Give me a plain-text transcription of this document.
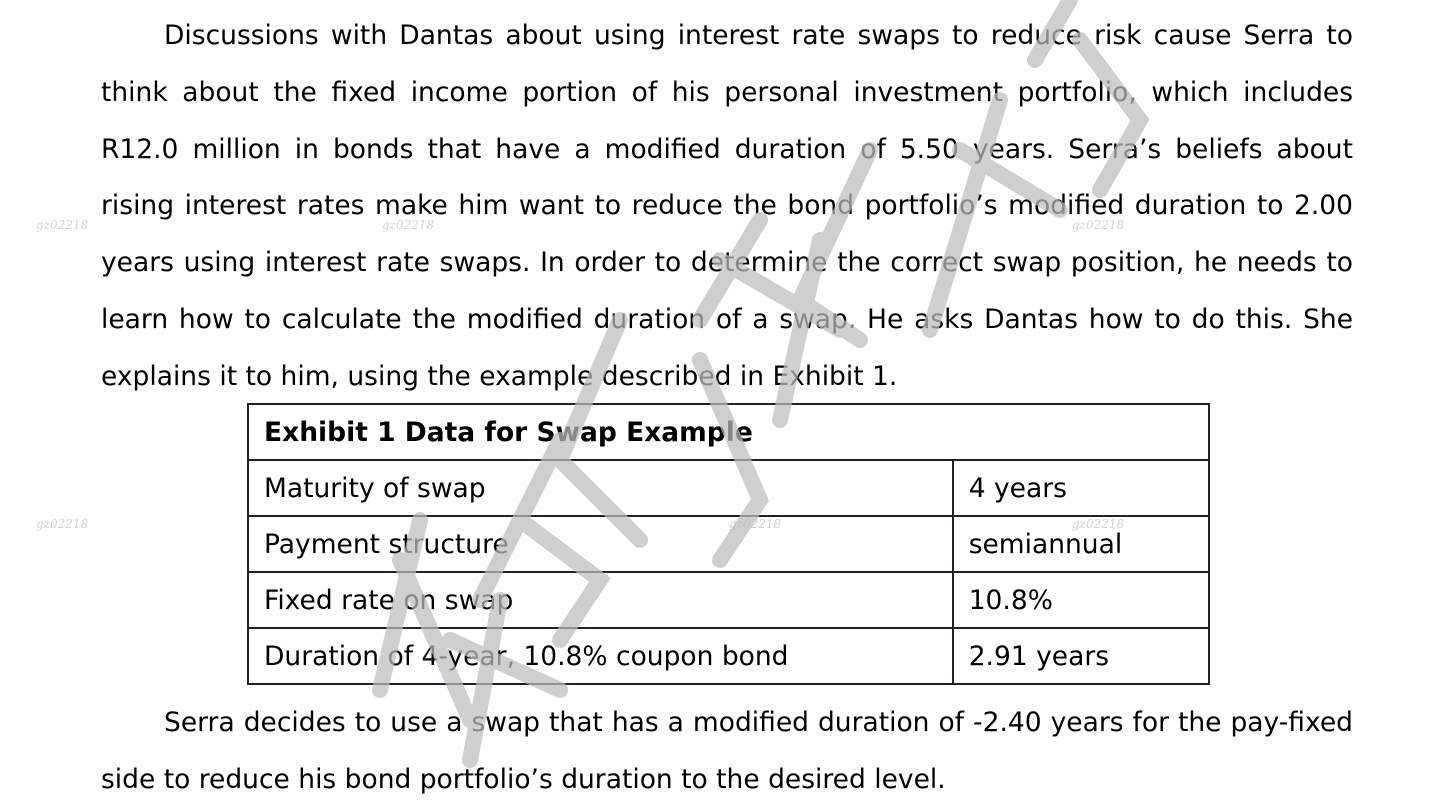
Discussions with Dantas about using interest rate swaps to reduce risk cause Serra to think about the fixed income portion of his personal investment portfolio, which includes R12.0 million in bonds that have a modified duration of 5.50 years. Serra’s beliefs about rising interest rates make him want to reduce the bond portfolio’s modified duration to 2.00 years using interest rate swaps. In order to determine the correct swap position, he needs to learn how to calculate the modified duration of a swap. He asks Dantas how to do this. She explains it to him, using the example described in Exhibit 1.

Exhibit 1 Data for Swap Example	
Maturity of swap	4 years
Payment structure	semiannual
Fixed rate on swap	10.8%
Duration of 4-year, 10.8% coupon bond	2.91 years

Serra decides to use a swap that has a modified duration of -2.40 years for the pay-fixed side to reduce his bond portfolio’s duration to the desired level.

gz02218	gz02218	gz02218
gz02218	gz02218	gz02218
